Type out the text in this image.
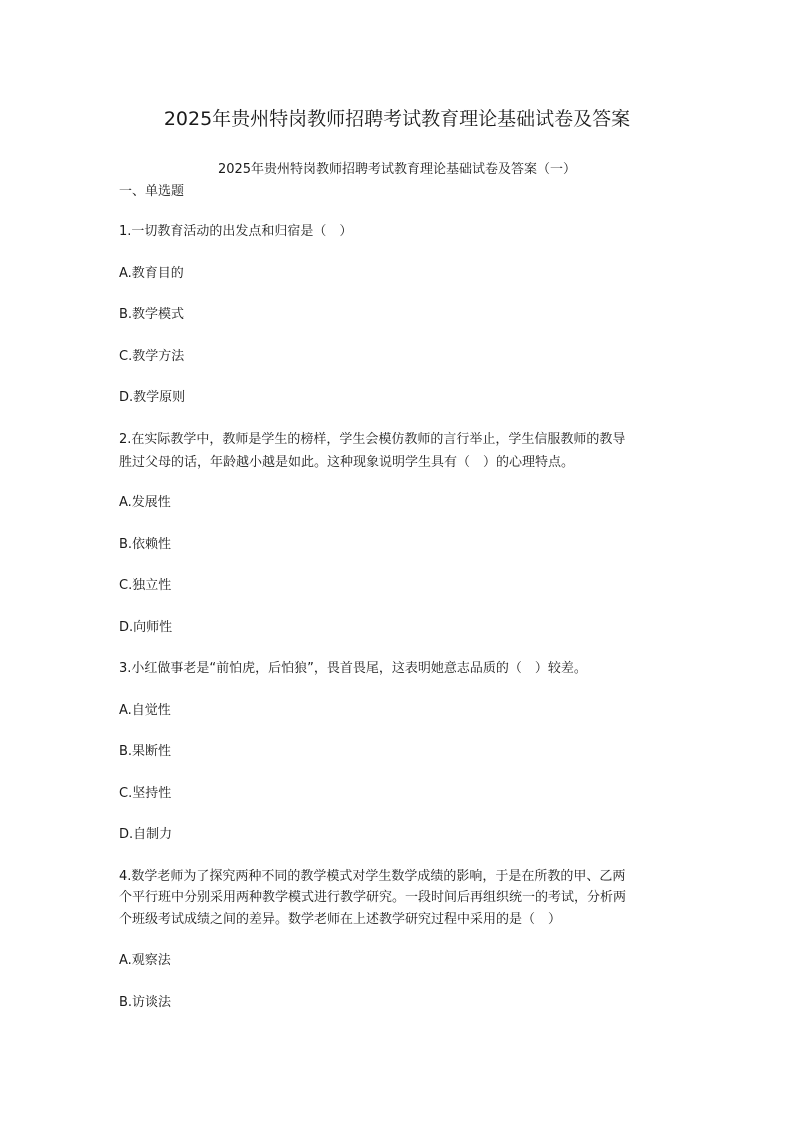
2025年贵州特岗教师招聘考试教育理论基础试卷及答案
2025年贵州特岗教师招聘考试教育理论基础试卷及答案（一）
一、单选题
1.一切教育活动的出发点和归宿是（　）
A.教育目的
B.教学模式
C.教学方法
D.教学原则
2.在实际教学中，教师是学生的榜样，学生会模仿教师的言行举止，学生信服教师的教导
胜过父母的话，年龄越小越是如此。这种现象说明学生具有（　）的心理特点。
A.发展性
B.依赖性
C.独立性
D.向师性
3.小红做事老是“前怕虎，后怕狼”，畏首畏尾，这表明她意志品质的（　）较差。
A.自觉性
B.果断性
C.坚持性
D.自制力
4.数学老师为了探究两种不同的教学模式对学生数学成绩的影响，于是在所教的甲、乙两
个平行班中分别采用两种教学模式进行教学研究。一段时间后再组织统一的考试，分析两
个班级考试成绩之间的差异。数学老师在上述教学研究过程中采用的是（　）
A.观察法
B.访谈法
